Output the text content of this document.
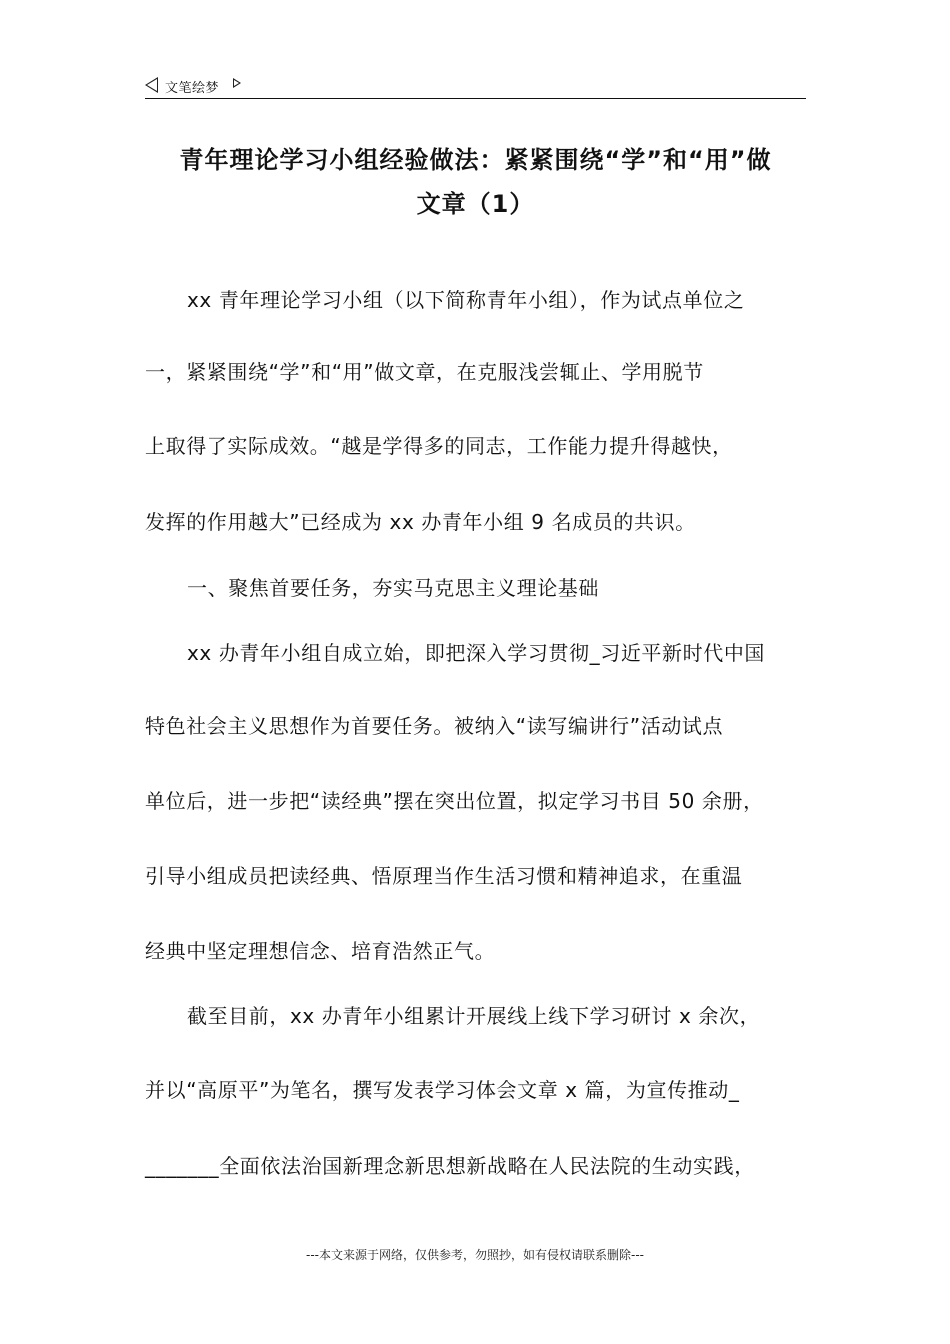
文笔绘梦
青年理论学习小组经验做法：紧紧围绕“学”和“用”做
文章（1）
xx 青年理论学习小组（以下简称青年小组），作为试点单位之
一，紧紧围绕“学”和“用”做文章，在克服浅尝辄止、学用脱节
上取得了实际成效。“越是学得多的同志，工作能力提升得越快，
发挥的作用越大”已经成为 xx 办青年小组 9 名成员的共识。
一、聚焦首要任务，夯实马克思主义理论基础
xx 办青年小组自成立始，即把深入学习贯彻_习近平新时代中国
特色社会主义思想作为首要任务。被纳入“读写编讲行”活动试点
单位后，进一步把“读经典”摆在突出位置，拟定学习书目 50 余册，
引导小组成员把读经典、悟原理当作生活习惯和精神追求，在重温
经典中坚定理想信念、培育浩然正气。
截至目前，xx 办青年小组累计开展线上线下学习研讨 x 余次，
并以“高原平”为笔名，撰写发表学习体会文章 x 篇，为宣传推动_
_______全面依法治国新理念新思想新战略在人民法院的生动实践，
---本文来源于网络，仅供参考，勿照抄，如有侵权请联系删除---
